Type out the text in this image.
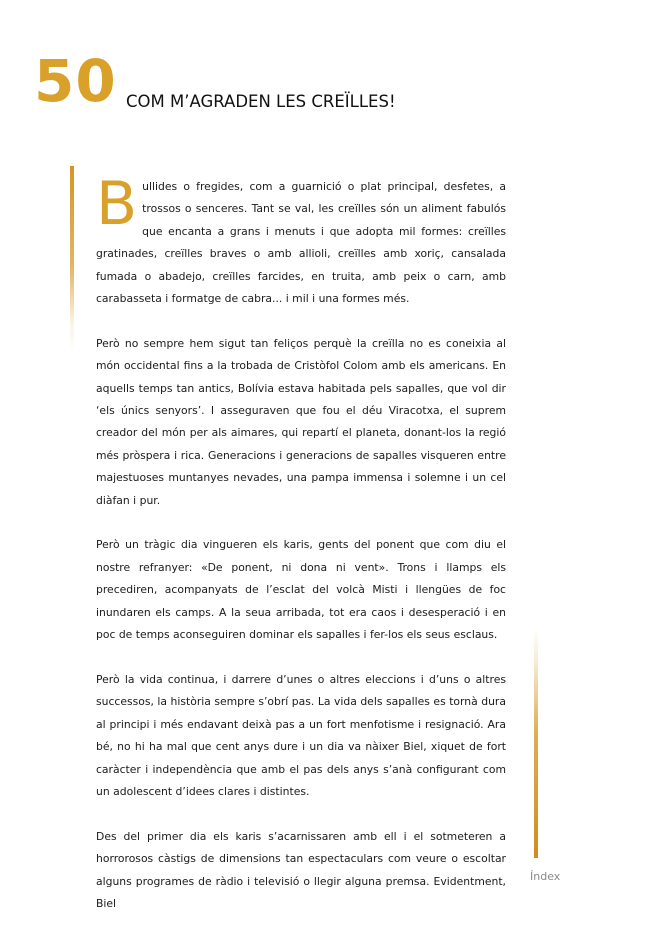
50 COM M’AGRADEN LES CREÏLLES!

Bullides o fregides, com a guarnició o plat principal, desfetes, a trossos o senceres. Tant se val, les creïlles són un aliment fabulós que encanta a grans i menuts i que adopta mil formes: creïlles gratinades, creïlles braves o amb allioli, creïlles amb xoriç, cansalada fumada o abadejo, creïlles farcides, en truita, amb peix o carn, amb carabasseta i formatge de cabra... i mil i una formes més.

Però no sempre hem sigut tan feliços perquè la creïlla no es coneixia al món occidental fins a la trobada de Cristòfol Colom amb els americans. En aquells temps tan antics, Bolívia estava habitada pels sapalles, que vol dir ‘els únics senyors’. I asseguraven que fou el déu Viracotxa, el suprem creador del món per als aimares, qui repartí el planeta, donant-los la regió més pròspera i rica. Generacions i generacions de sapalles visqueren entre majestuoses muntanyes nevades, una pampa immensa i solemne i un cel diàfan i pur.

Però un tràgic dia vingueren els karis, gents del ponent que com diu el nostre refranyer: «De ponent, ni dona ni vent». Trons i llamps els precediren, acompanyats de l’esclat del volcà Misti i llengües de foc inundaren els camps. A la seua arribada, tot era caos i desesperació i en poc de temps aconseguiren dominar els sapalles i fer-los els seus esclaus.

Però la vida continua, i darrere d’unes o altres eleccions i d’uns o altres successos, la història sempre s’obrí pas. La vida dels sapalles es tornà dura al principi i més endavant deixà pas a un fort menfotisme i resignació. Ara bé, no hi ha mal que cent anys dure i un dia va nàixer Biel, xiquet de fort caràcter i independència que amb el pas dels anys s’anà configurant com un adolescent d’idees clares i distintes.

Des del primer dia els karis s’acarnissaren amb ell i el sotmeteren a horrorosos càstigs de dimensions tan espectaculars com veure o escoltar alguns programes de ràdio i televisió o llegir alguna premsa. Evidentment, Biel

Índex
